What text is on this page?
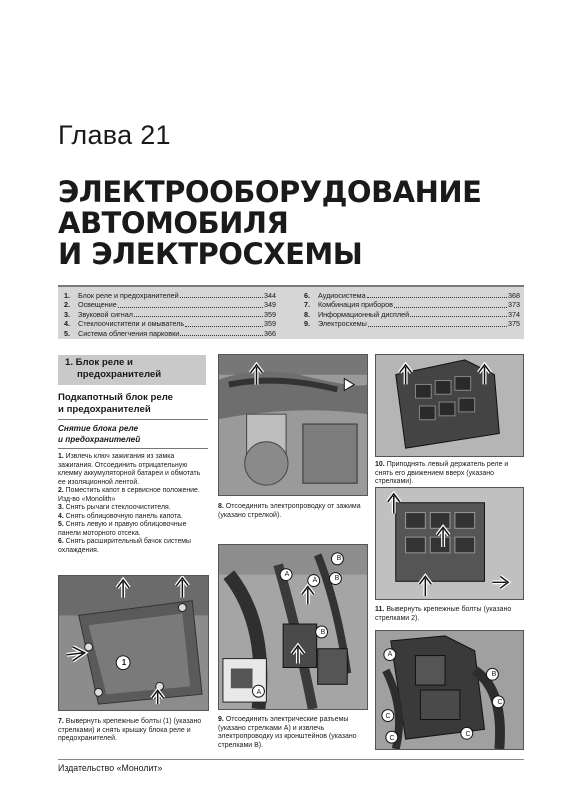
Глава 21
ЭЛЕКТРООБОРУДОВАНИЕ
АВТОМОБИЛЯ
И ЭЛЕКТРОСХЕМЫ
1.	Блок реле и предохранителей	344
2.	Освещение	349
3.	Звуковой сигнал	359
4.	Стеклоочистители и омыватель	359
5.	Система облегчения парковки	366
6.	Аудиосистема	368
7.	Комбинация приборов	373
8.	Информационный дисплей	374
9.	Электросхемы	375
1. Блок реле и
предохранителей
Подкапотный блок реле
и предохранителей
Снятие блока реле
и предохранителей

1. Извлечь ключ зажигания из замка зажигания. Отсоединить отрицательную клемму аккумуляторной батареи и обмотать ее изоляционной лентой.

2. Поместить капот в сервисное положение. Изд-во «Monolith»

3. Снять рычаги стеклоочистителя.

4. Снять облицовочную панель капота.

5. Снять левую и правую облицовочные панели моторного отсека.

6. Снять расширительный бачок системы охлаждения.

1
7. Вывернуть крепежные болты (1) (указано стрелками) и снять крышку блока реле и предохранителей.
8. Отсоединить электропроводку от зажима (указано стрелкой).
A
A
B
B
A
B
9. Отсоединить электрические разъемы (указано стрелками А) и извлечь электропроводку из кронштейнов (указано стрелками В).
10. Приподнять левый держатель реле и снять его движением вверх (указано стрелками).
11. Вывернуть крепежные болты (указано стрелками 2).
A
C
B
C
C
C
Издательство «Монолит»
